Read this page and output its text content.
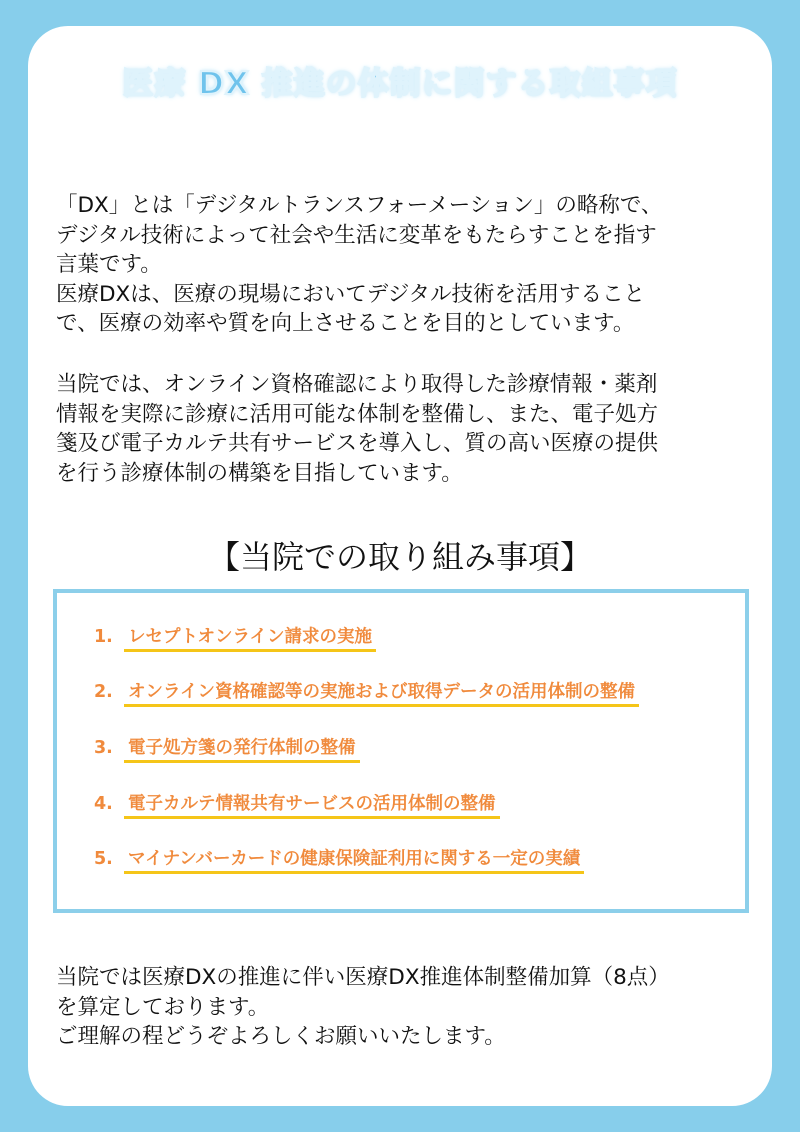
医療 DX 推進の体制に関する取組事項
「DX」とは「デジタルトランスフォーメーション」の略称で、
デジタル技術によって社会や生活に変革をもたらすことを指す
言葉です。
医療DXは、医療の現場においてデジタル技術を活用すること
で、医療の効率や質を向上させることを目的としています。
当院では、オンライン資格確認により取得した診療情報・薬剤
情報を実際に診療に活用可能な体制を整備し、また、電子処方
箋及び電子カルテ共有サービスを導入し、質の高い医療の提供
を行う診療体制の構築を目指しています。
【当院での取り組み事項】
1. レセプトオンライン請求の実施
2. オンライン資格確認等の実施および取得データの活用体制の整備
3. 電子処方箋の発行体制の整備
4. 電子カルテ情報共有サービスの活用体制の整備
5. マイナンバーカードの健康保険証利用に関する一定の実績
当院では医療DXの推進に伴い医療DX推進体制整備加算（8点）
を算定しております。
ご理解の程どうぞよろしくお願いいたします。
